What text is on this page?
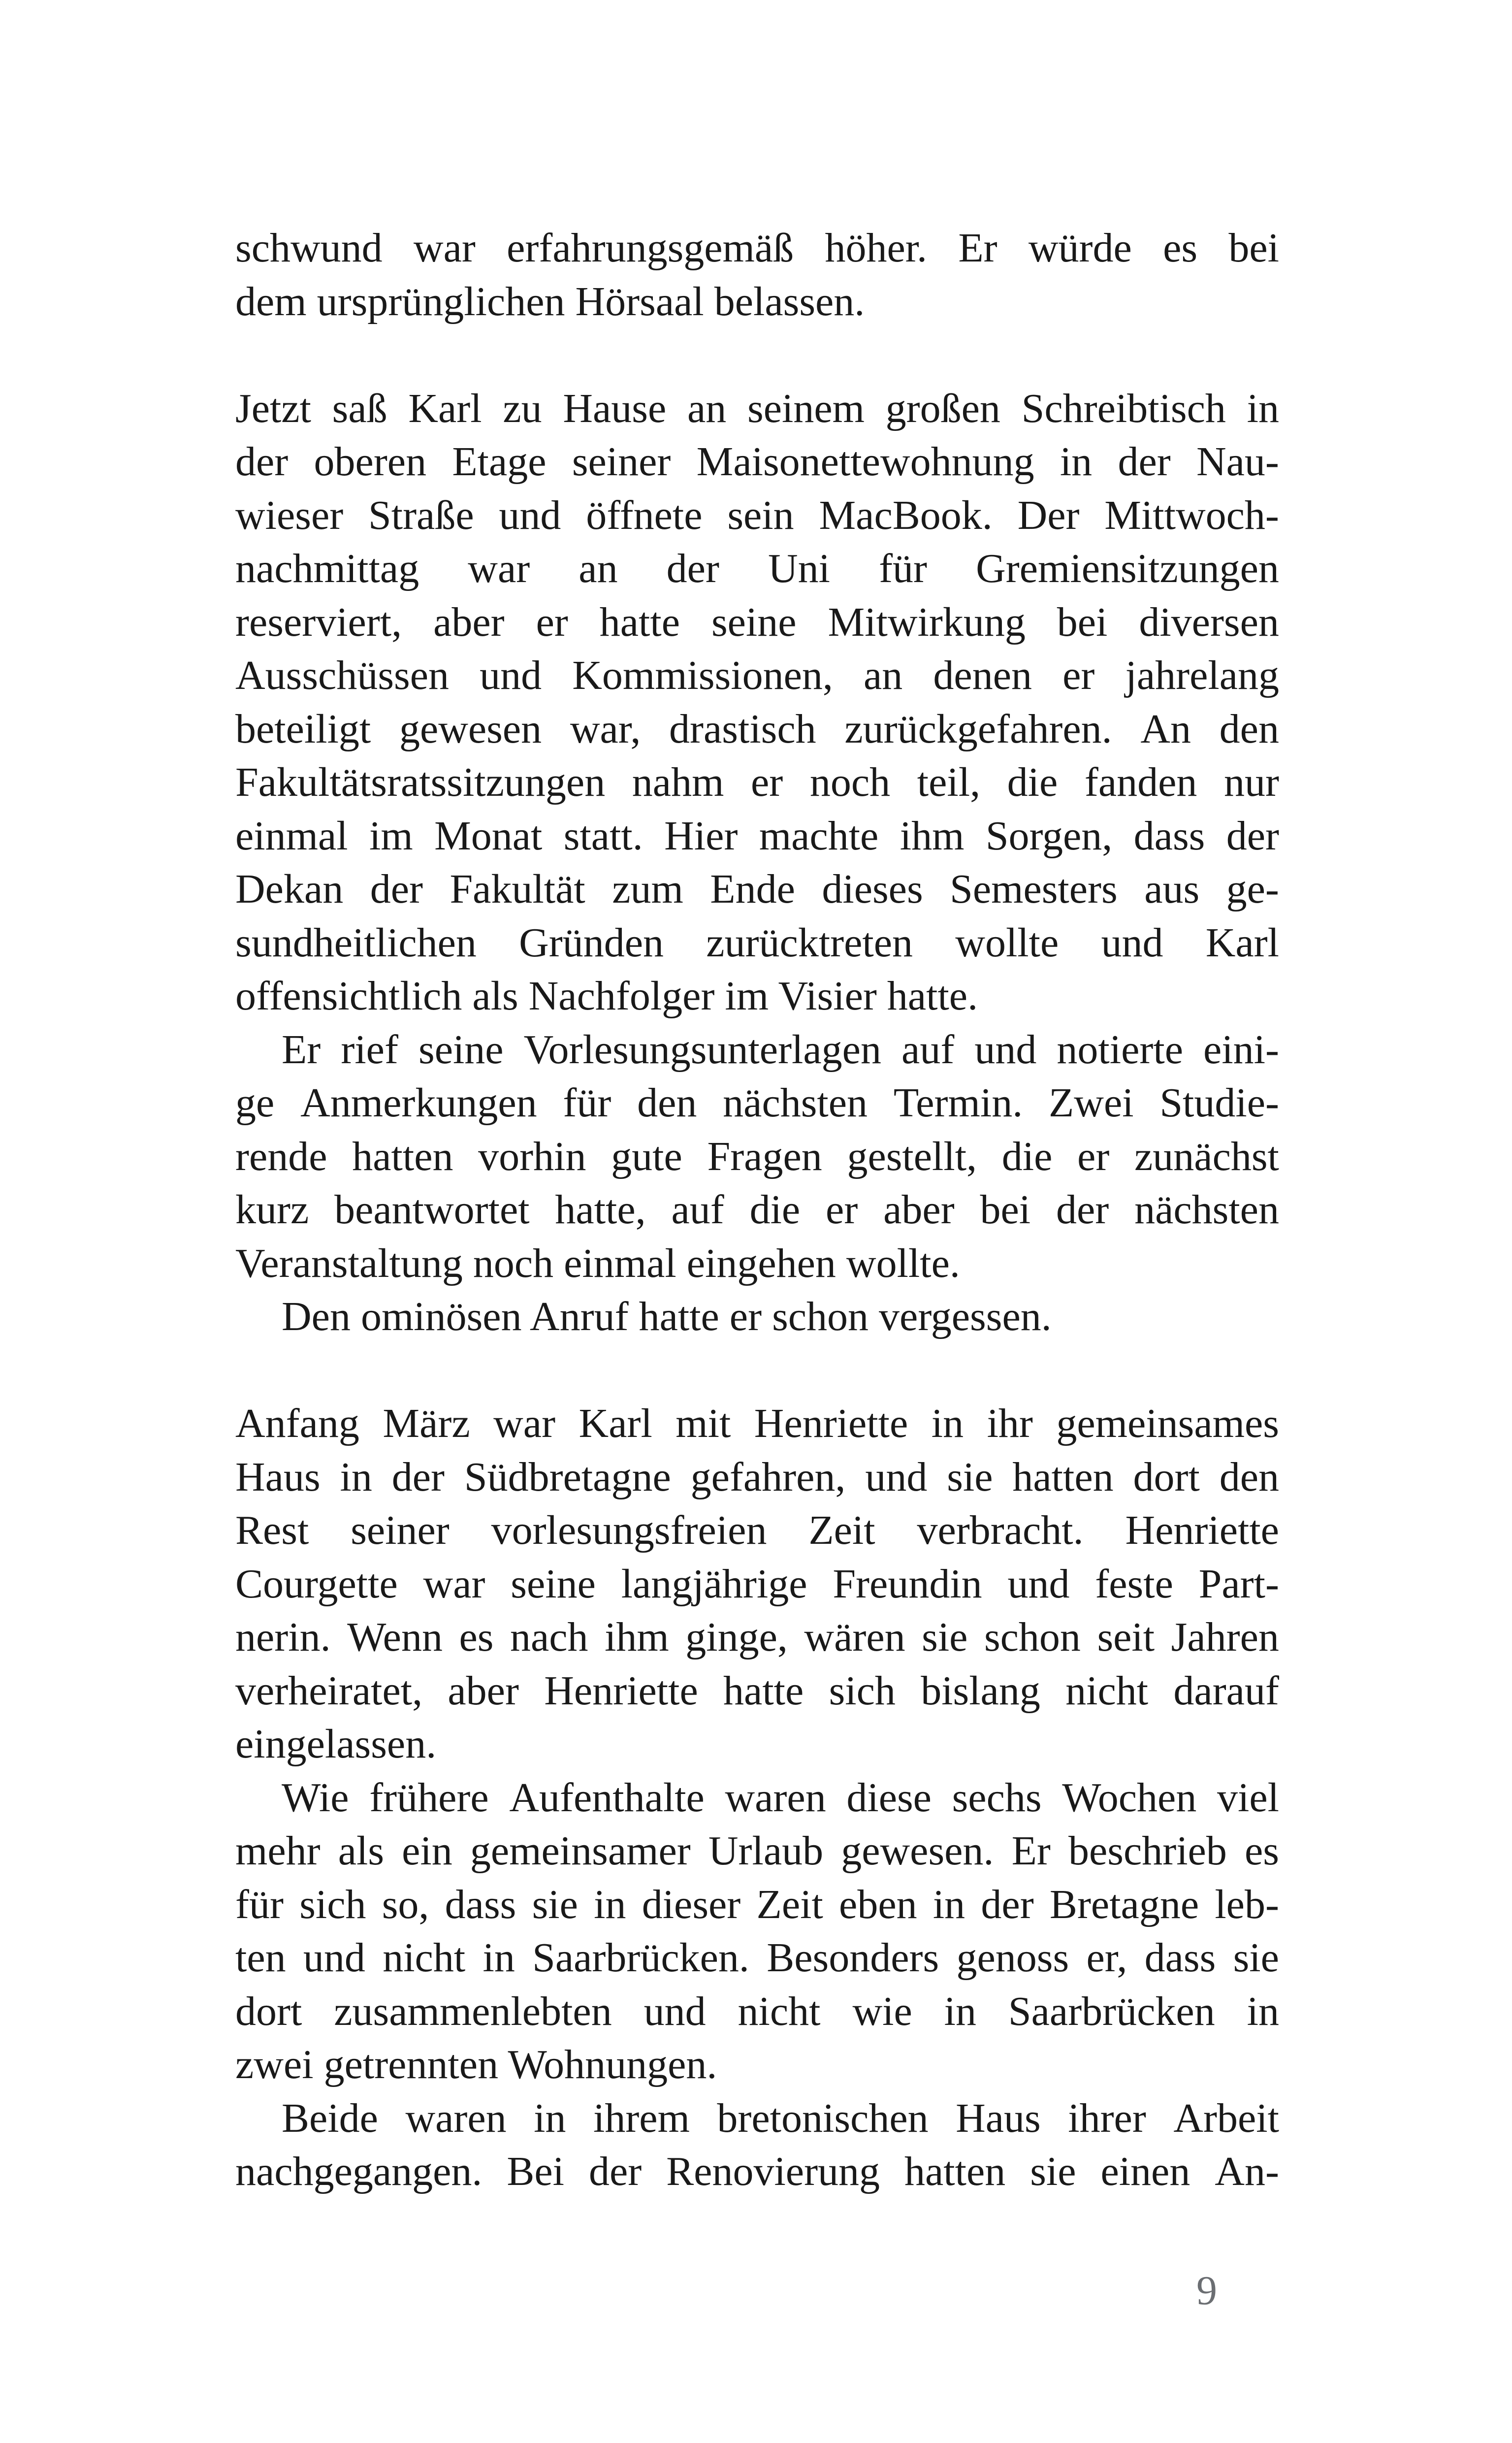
schwund war erfahrungsgemäß höher. Er würde es bei
dem ursprünglichen Hörsaal belassen.
Jetzt saß Karl zu Hause an seinem großen Schreibtisch in
der oberen Etage seiner Maisonettewohnung in der Nau-
wieser Straße und öffnete sein MacBook. Der Mittwoch-
nachmittag war an der Uni für Gremiensitzungen
reserviert, aber er hatte seine Mitwirkung bei diversen
Ausschüssen und Kommissionen, an denen er jahrelang
beteiligt gewesen war, drastisch zurückgefahren. An den
Fakultätsratssitzungen nahm er noch teil, die fanden nur
einmal im Monat statt. Hier machte ihm Sorgen, dass der
Dekan der Fakultät zum Ende dieses Semesters aus ge-
sundheitlichen Gründen zurücktreten wollte und Karl
offensichtlich als Nachfolger im Visier hatte.
Er rief seine Vorlesungsunterlagen auf und notierte eini-
ge Anmerkungen für den nächsten Termin. Zwei Studie-
rende hatten vorhin gute Fragen gestellt, die er zunächst
kurz beantwortet hatte, auf die er aber bei der nächsten
Veranstaltung noch einmal eingehen wollte.
Den ominösen Anruf hatte er schon vergessen.
Anfang März war Karl mit Henriette in ihr gemeinsames
Haus in der Südbretagne gefahren, und sie hatten dort den
Rest seiner vorlesungsfreien Zeit verbracht. Henriette
Courgette war seine langjährige Freundin und feste Part-
nerin. Wenn es nach ihm ginge, wären sie schon seit Jahren
verheiratet, aber Henriette hatte sich bislang nicht darauf
eingelassen.
Wie frühere Aufenthalte waren diese sechs Wochen viel
mehr als ein gemeinsamer Urlaub gewesen. Er beschrieb es
für sich so, dass sie in dieser Zeit eben in der Bretagne leb-
ten und nicht in Saarbrücken. Besonders genoss er, dass sie
dort zusammenlebten und nicht wie in Saarbrücken in
zwei getrennten Wohnungen.
Beide waren in ihrem bretonischen Haus ihrer Arbeit
nachgegangen. Bei der Renovierung hatten sie einen An-
9
